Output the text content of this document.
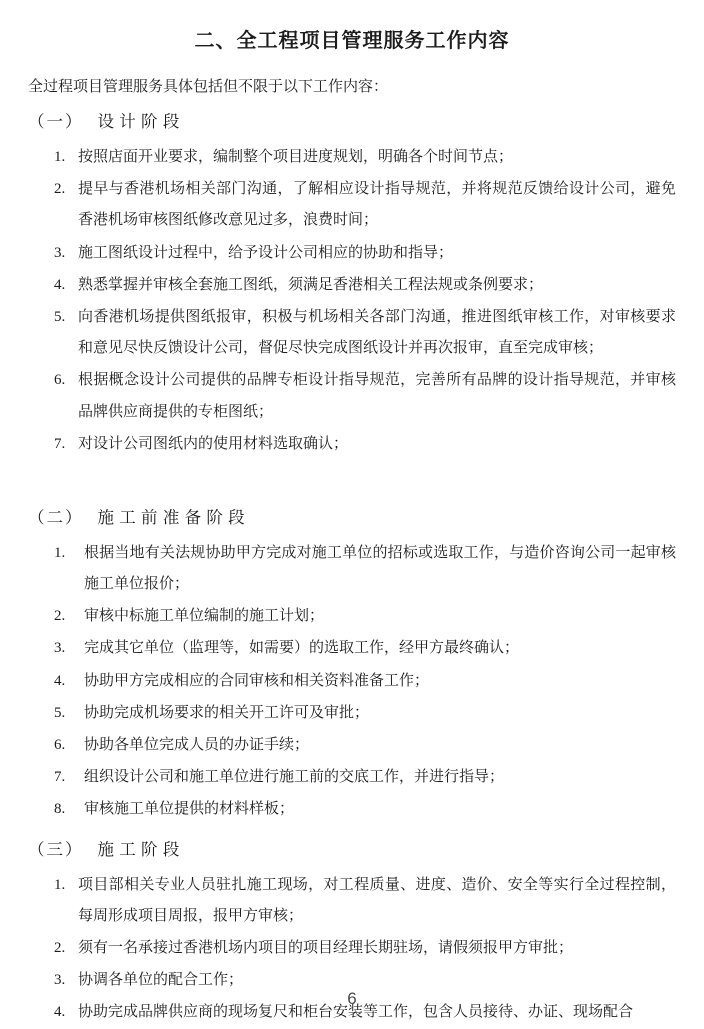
二、全工程项目管理服务工作内容

全过程项目管理服务具体包括但不限于以下工作内容：

（一） 设计阶段
1. 按照店面开业要求，编制整个项目进度规划，明确各个时间节点；
2. 提早与香港机场相关部门沟通，了解相应设计指导规范，并将规范反馈给设计公司，避免香港机场审核图纸修改意见过多，浪费时间；
3. 施工图纸设计过程中，给予设计公司相应的协助和指导；
4. 熟悉掌握并审核全套施工图纸，须满足香港相关工程法规或条例要求；
5. 向香港机场提供图纸报审，积极与机场相关各部门沟通，推进图纸审核工作，对审核要求和意见尽快反馈设计公司，督促尽快完成图纸设计并再次报审，直至完成审核；
6. 根据概念设计公司提供的品牌专柜设计指导规范，完善所有品牌的设计指导规范，并审核品牌供应商提供的专柜图纸；
7. 对设计公司图纸内的使用材料选取确认；
（二） 施工前准备阶段
1.	根据当地有关法规协助甲方完成对施工单位的招标或选取工作，与造价咨询公司一起审核施工单位报价；
2.	审核中标施工单位编制的施工计划；
3.	完成其它单位（监理等，如需要）的选取工作，经甲方最终确认；
4.	协助甲方完成相应的合同审核和相关资料准备工作；
5.	协助完成机场要求的相关开工许可及审批；
6.	协助各单位完成人员的办证手续；
7.	组织设计公司和施工单位进行施工前的交底工作，并进行指导；
8.	审核施工单位提供的材料样板；
（三） 施工阶段
1. 项目部相关专业人员驻扎施工现场，对工程质量、进度、造价、安全等实行全过程控制，每周形成项目周报，报甲方审核；
2. 须有一名承接过香港机场内项目的项目经理长期驻场，请假须报甲方审批；
3. 协调各单位的配合工作；
4. 协助完成品牌供应商的现场复尺和柜台安装等工作，包含人员接待、办证、现场配合
6
